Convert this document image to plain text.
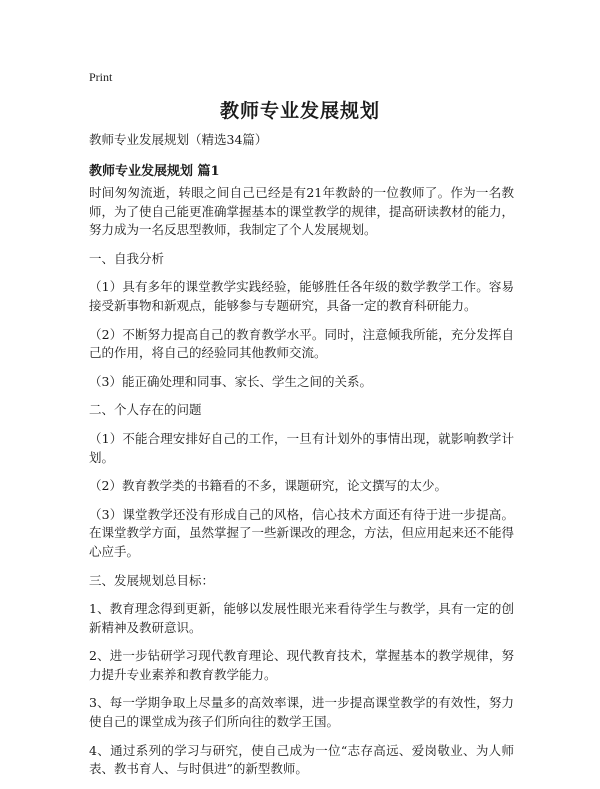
Print
教师专业发展规划

教师专业发展规划（精选34篇）

教师专业发展规划 篇1

时间匆匆流逝，转眼之间自己已经是有21年教龄的一位教师了。作为一名教师，为了使自己能更准确掌握基本的课堂教学的规律，提高研读教材的能力，努力成为一名反思型教师，我制定了个人发展规划。

一、自我分析

（1）具有多年的课堂教学实践经验，能够胜任各年级的数学教学工作。容易接受新事物和新观点，能够参与专题研究，具备一定的教育科研能力。

（2）不断努力提高自己的教育教学水平。同时，注意倾我所能，充分发挥自己的作用，将自己的经验同其他教师交流。

（3）能正确处理和同事、家长、学生之间的关系。

二、个人存在的问题

（1）不能合理安排好自己的工作，一旦有计划外的事情出现，就影响教学计划。

（2）教育教学类的书籍看的不多，课题研究，论文撰写的太少。

（3）课堂教学还没有形成自己的风格，信心技术方面还有待于进一步提高。在课堂教学方面，虽然掌握了一些新课改的理念，方法，但应用起来还不能得心应手。

三、发展规划总目标：

1、教育理念得到更新，能够以发展性眼光来看待学生与教学，具有一定的创新精神及教研意识。

2、进一步钻研学习现代教育理论、现代教育技术，掌握基本的教学规律，努力提升专业素养和教育教学能力。

3、每一学期争取上尽量多的高效率课，进一步提高课堂教学的有效性，努力使自己的课堂成为孩子们所向往的数学王国。

4、通过系列的学习与研究，使自己成为一位“志存高远、爱岗敬业、为人师表、教书育人、与时俱进”的新型教师。
